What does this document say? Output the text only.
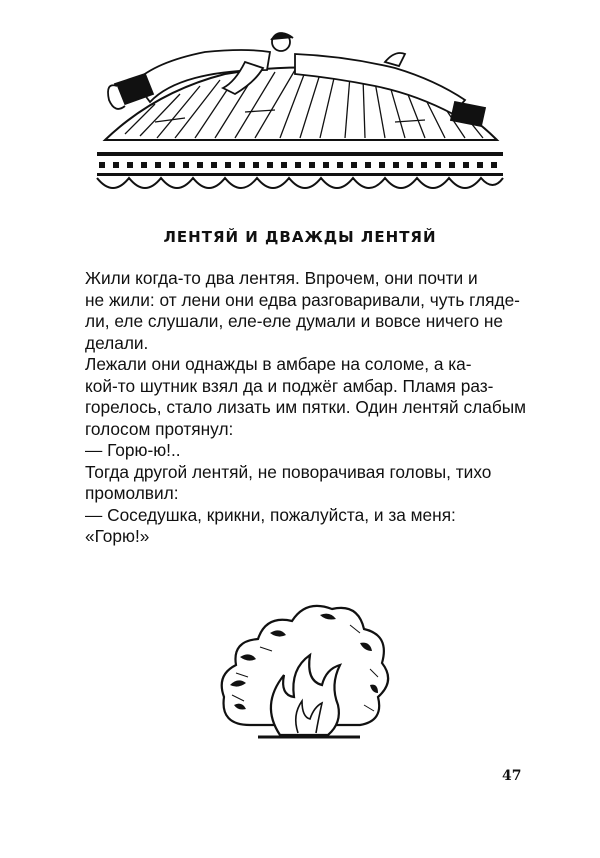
ЛЕНТЯЙ И ДВАЖДЫ ЛЕНТЯЙ
Жили когда-то два лентяя. Впрочем, они почти и
не жили: от лени они едва разговаривали, чуть гляде-
ли, еле слушали, еле-еле думали и вовсе ничего не
делали.
Лежали они однажды в амбаре на соломе, а ка-
кой-то шутник взял да и поджёг амбар. Пламя раз-
горелось, стало лизать им пятки. Один лентяй слабым
голосом протянул:
— Горю-ю!..
Тогда другой лентяй, не поворачивая головы, тихо
промолвил:
— Соседушка, крикни, пожалуйста, и за меня:
«Горю!»
47
